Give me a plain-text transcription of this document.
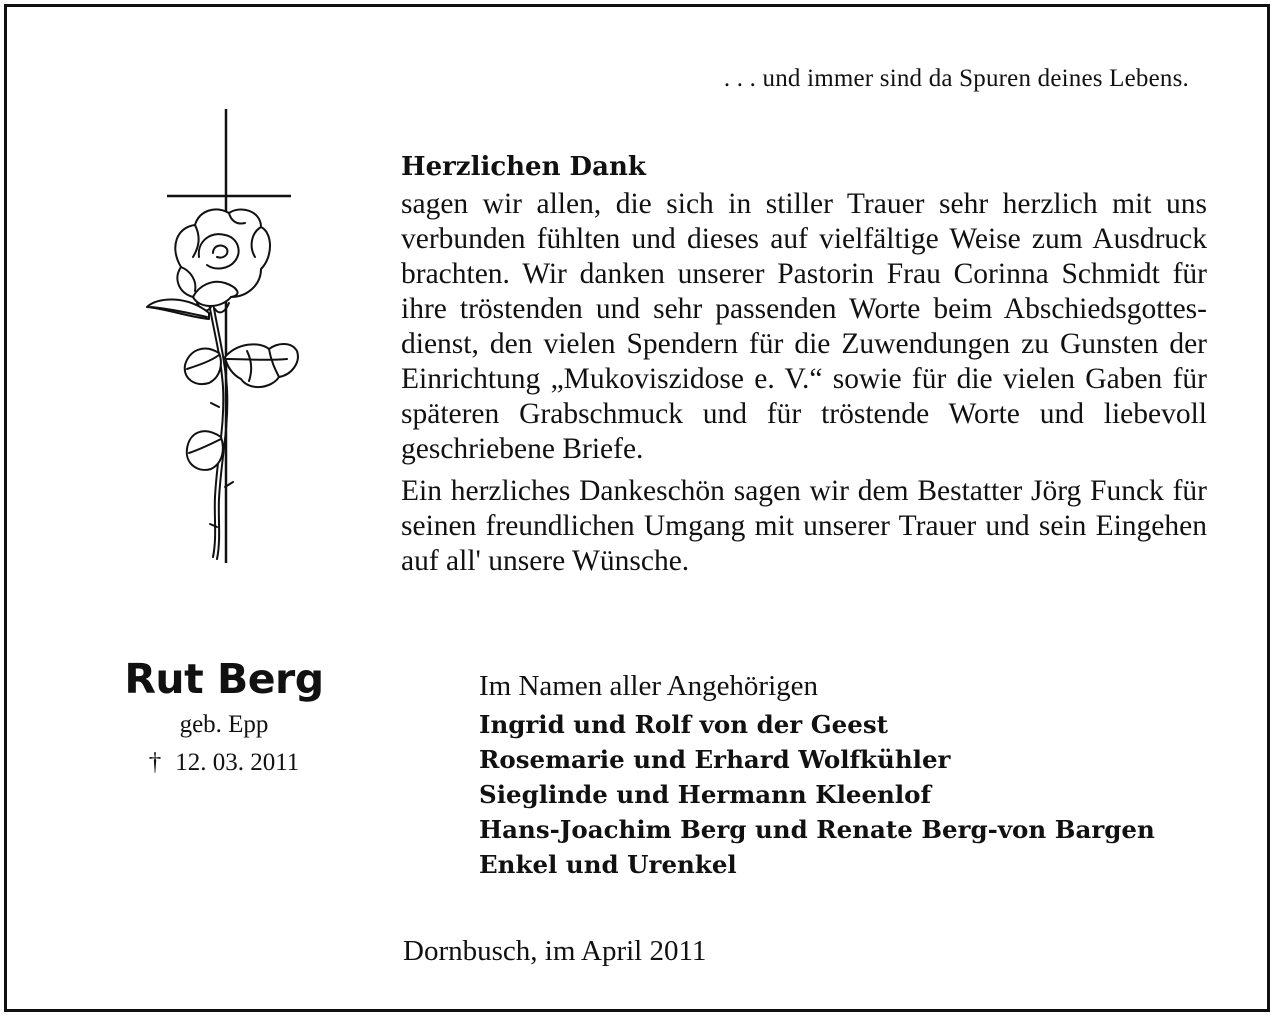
. . . und immer sind da Spuren deines Lebens.
Herzlichen Dank

sagen wir allen, die sich in stiller Trauer sehr herzlich mit uns verbunden fühlten und dieses auf vielfältige Weise zum Ausdruck brachten. Wir danken unserer Pastorin Frau Corinna Schmidt für ihre tröstenden und sehr passenden Worte beim Abschiedsgottes-dienst, den vielen Spendern für die Zuwendungen zu Gunsten der Einrichtung „Mukoviszidose e. V.“ sowie für die vielen Gaben für späteren Grabschmuck und für tröstende Worte und liebevoll geschriebene Briefe.

Ein herzliches Dankeschön sagen wir dem Bestatter Jörg Funck für seinen freundlichen Umgang mit unserer Trauer und sein Eingehen auf all' unsere Wünsche.

Rut Berg

geb. Epp

† 12. 03. 2011

Im Namen aller Angehörigen

Ingrid und Rolf von der Geest
Rosemarie und Erhard Wolfkühler
Sieglinde und Hermann Kleenlof
Hans-Joachim Berg und Renate Berg-von Bargen
Enkel und Urenkel

Dornbusch, im April 2011
